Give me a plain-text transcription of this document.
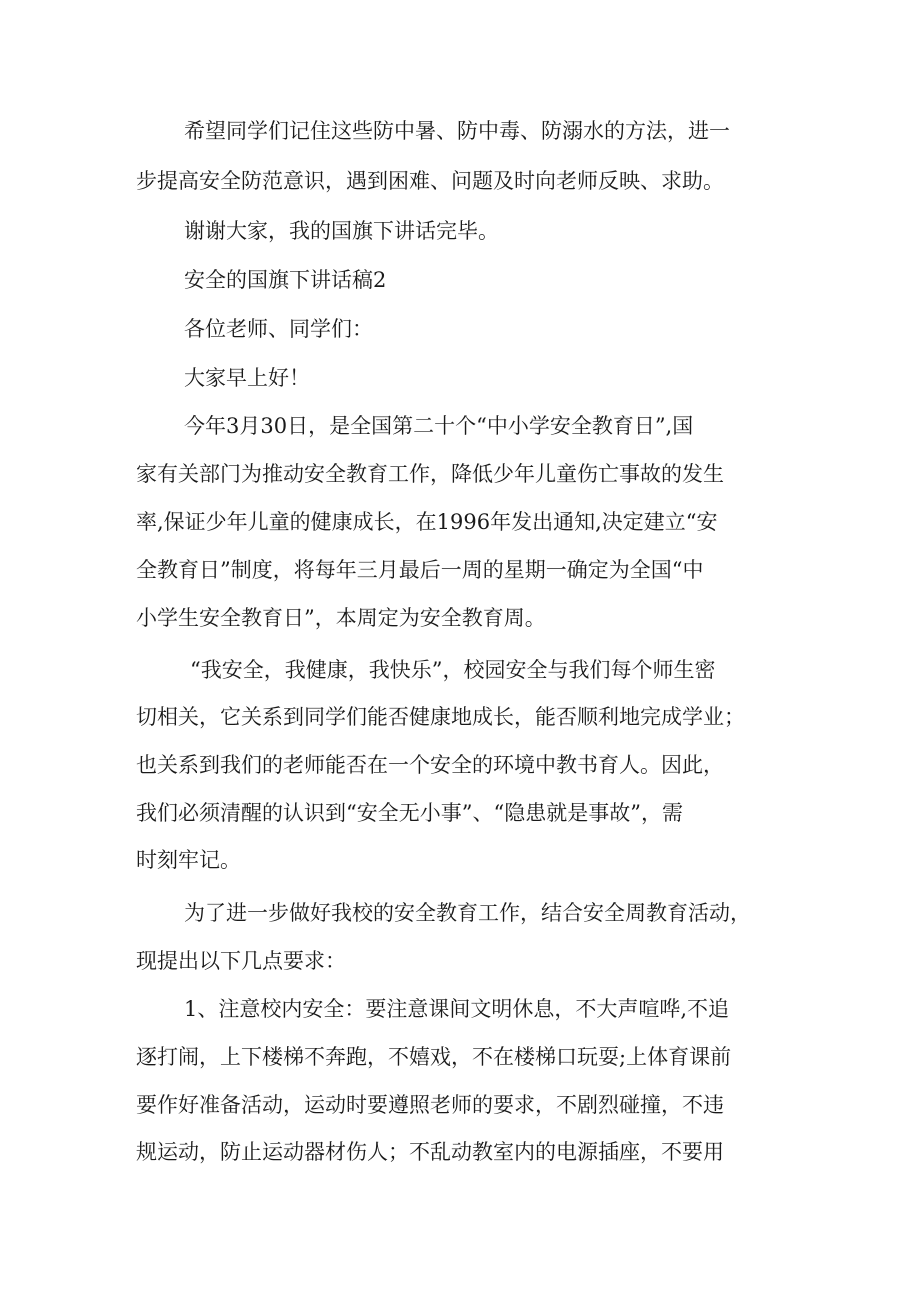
希望同学们记住这些防中暑、防中毒、防溺水的方法，进一
步提高安全防范意识，遇到困难、问题及时向老师反映、求助。
谢谢大家，我的国旗下讲话完毕。
安全的国旗下讲话稿2
各位老师、同学们：
大家早上好！
今年3月30日，是全国第二十个“中小学安全教育日”,国
家有关部门为推动安全教育工作，降低少年儿童伤亡事故的发生
率,保证少年儿童的健康成长，在1996年发出通知,决定建立“安
全教育日”制度，将每年三月最后一周的星期一确定为全国“中
小学生安全教育日”，本周定为安全教育周。
“我安全，我健康，我快乐”，校园安全与我们每个师生密
切相关，它关系到同学们能否健康地成长，能否顺利地完成学业；
也关系到我们的老师能否在一个安全的环境中教书育人。因此，
我们必须清醒的认识到“安全无小事”、“隐患就是事故”，需
时刻牢记。
为了进一步做好我校的安全教育工作，结合安全周教育活动，
现提出以下几点要求：
1、注意校内安全：要注意课间文明休息，不大声喧哗,不追
逐打闹，上下楼梯不奔跑，不嬉戏，不在楼梯口玩耍;上体育课前
要作好准备活动，运动时要遵照老师的要求，不剧烈碰撞，不违
规运动，防止运动器材伤人；不乱动教室内的电源插座，不要用
